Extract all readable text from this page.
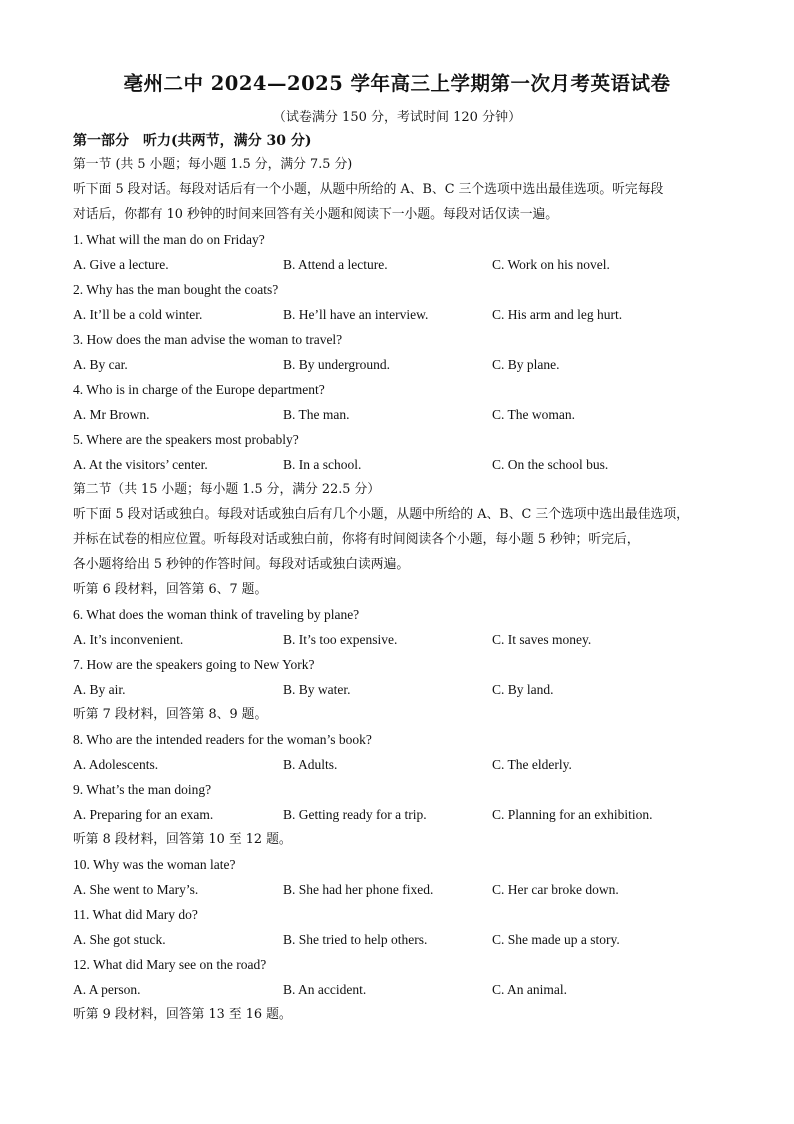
亳州二中 2024—2025 学年高三上学期第一次月考英语试卷
（试卷满分 150 分，考试时间 120 分钟）
第一部分　听力(共两节，满分 30 分)
第一节 (共 5 小题；每小题 1.5 分，满分 7.5 分)
听下面 5 段对话。每段对话后有一个小题，从题中所给的 A、B、C 三个选项中选出最佳选项。听完每段
对话后，你都有 10 秒钟的时间来回答有关小题和阅读下一小题。每段对话仅读一遍。
1. What will the man do on Friday?
A. Give a lecture.	B. Attend a lecture.	C. Work on his novel.
2. Why has the man bought the coats?
A. It’ll be a cold winter.	B. He’ll have an interview.	C. His arm and leg hurt.
3. How does the man advise the woman to travel?
A. By car.	B. By underground.	C. By plane.
4. Who is in charge of the Europe department?
A. Mr Brown.	B. The man.	C. The woman.
5. Where are the speakers most probably?
A. At the visitors’ center.	B. In a school.	C. On the school bus.
第二节（共 15 小题；每小题 1.5 分，满分 22.5 分）
听下面 5 段对话或独白。每段对话或独白后有几个小题，从题中所给的 A、B、C 三个选项中选出最佳选项，
并标在试卷的相应位置。听每段对话或独白前，你将有时间阅读各个小题，每小题 5 秒钟；听完后，
各小题将给出 5 秒钟的作答时间。每段对话或独白读两遍。
听第 6 段材料，回答第 6、7 题。
6. What does the woman think of traveling by plane?
A. It’s inconvenient.	B. It’s too expensive.	C. It saves money.
7. How are the speakers going to New York?
A. By air.	B. By water.	C. By land.
听第 7 段材料，回答第 8、9 题。
8. Who are the intended readers for the woman’s book?
A. Adolescents.	B. Adults.	C. The elderly.
9. What’s the man doing?
A. Preparing for an exam.	B. Getting ready for a trip.	C. Planning for an exhibition.
听第 8 段材料，回答第 10 至 12 题。
10. Why was the woman late?
A. She went to Mary’s.	B. She had her phone fixed.	C. Her car broke down.
11. What did Mary do?
A. She got stuck.	B. She tried to help others.	C. She made up a story.
12. What did Mary see on the road?
A. A person.	B. An accident.	C. An animal.
听第 9 段材料，回答第 13 至 16 题。
